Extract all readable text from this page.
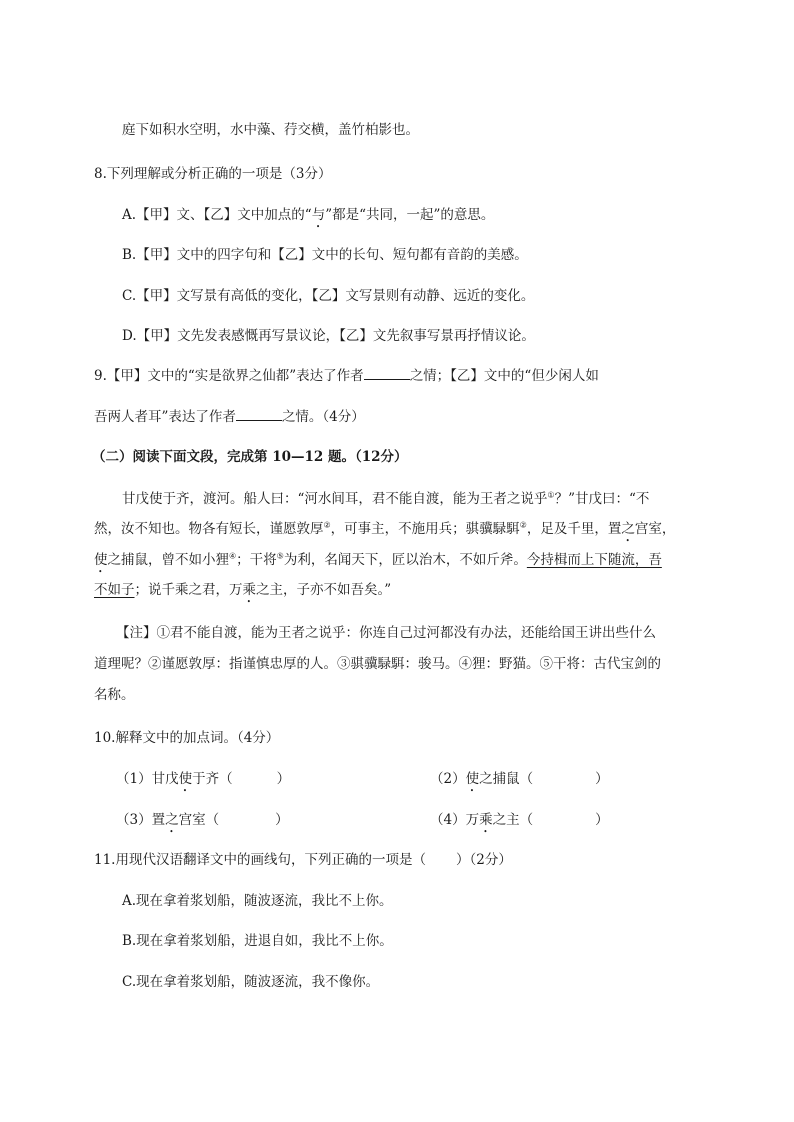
庭下如积水空明，水中藻、荇交横，盖竹柏影也。
8.下列理解或分析正确的一项是（3分）
A.【甲】文、【乙】文中加点的“与”都是“共同，一起”的意思。
B.【甲】文中的四字句和【乙】文中的长句、短句都有音韵的美感。
C.【甲】文写景有高低的变化，【乙】文写景则有动静、远近的变化。
D.【甲】文先发表感慨再写景议论，【乙】文先叙事写景再抒情议论。
9.【甲】文中的“实是欲界之仙都”表达了作者	之情；【乙】文中的“但少闲人如
吾两人者耳”表达了作者	之情。（4分）
（二）阅读下面文段，完成第 10—12 题。（12分）
甘戊使于齐，渡河。船人曰：“河水间耳，君不能自渡，能为王者之说乎①？”甘戊曰：“不
然，汝不知也。物各有短长，谨愿敦厚②，可事主，不施用兵；骐骥騄駬②，足及千里，置之宫室，
使之捕鼠，曾不如小狸④；干将⑤为利，名闻天下，匠以治木，不如斤斧。今持楫而上下随流，吾
不如子；说千乘之君，万乘之主，子亦不如吾矣。”
【注】①君不能自渡，能为王者之说乎：你连自己过河都没有办法，还能给国王讲出些什么
道理呢？②谨愿敦厚：指谨慎忠厚的人。③骐骥騄駬：骏马。④狸：野猫。⑤干将：古代宝剑的
名称。
10.解释文中的加点词。（4分）
（1）甘戊使于齐（	）	（2）使之捕鼠（	）
（3）置之宫室（	）	（4）万乘之主（	）
11.用现代汉语翻译文中的画线句，下列正确的一项是（ ）（2分）
A.现在拿着浆划船，随波逐流，我比不上你。
B.现在拿着浆划船，进退自如，我比不上你。
C.现在拿着浆划船，随波逐流，我不像你。
